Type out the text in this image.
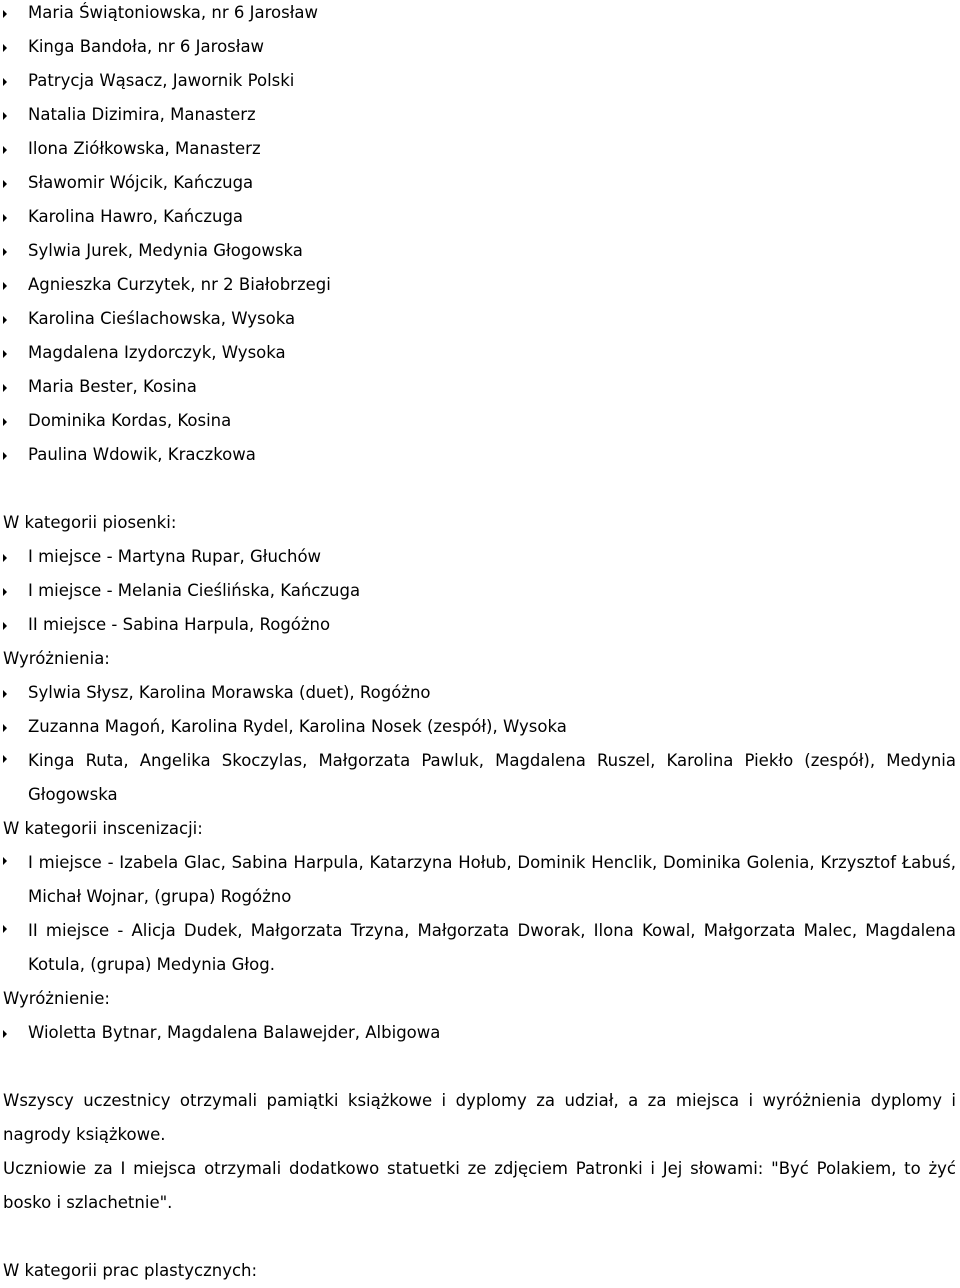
Maria Świątoniowska, nr 6 Jarosław
Kinga Bandoła, nr 6 Jarosław
Patrycja Wąsacz, Jawornik Polski
Natalia Dizimira, Manasterz
Ilona Ziółkowska, Manasterz
Sławomir Wójcik, Kańczuga
Karolina Hawro, Kańczuga
Sylwia Jurek, Medynia Głogowska
Agnieszka Curzytek, nr 2 Białobrzegi
Karolina Cieślachowska, Wysoka
Magdalena Izydorczyk, Wysoka
Maria Bester, Kosina
Dominika Kordas, Kosina
Paulina Wdowik, Kraczkowa
W kategorii piosenki:
I miejsce - Martyna Rupar, Głuchów
I miejsce - Melania Cieślińska, Kańczuga
II miejsce - Sabina Harpula, Rogóżno
Wyróżnienia:
Sylwia Słysz, Karolina Morawska (duet), Rogóżno
Zuzanna Magoń, Karolina Rydel, Karolina Nosek (zespół), Wysoka
Kinga Ruta, Angelika Skoczylas, Małgorzata Pawluk, Magdalena Ruszel, Karolina Piekło (zespół), Medynia Głogowska
W kategorii inscenizacji:
I miejsce - Izabela Glac, Sabina Harpula, Katarzyna Hołub, Dominik Henclik, Dominika Golenia, Krzysztof Łabuś, Michał Wojnar, (grupa) Rogóżno
II miejsce - Alicja Dudek, Małgorzata Trzyna, Małgorzata Dworak, Ilona Kowal, Małgorzata Malec, Magdalena Kotula, (grupa) Medynia Głog.
Wyróżnienie:
Wioletta Bytnar, Magdalena Balawejder, Albigowa
Wszyscy uczestnicy otrzymali pamiątki książkowe i dyplomy za udział, a za miejsca i wyróżnienia dyplomy i nagrody książkowe.
Uczniowie za I miejsca otrzymali dodatkowo statuetki ze zdjęciem Patronki i Jej słowami: "Być Polakiem, to żyć bosko i szlachetnie".
W kategorii prac plastycznych:
